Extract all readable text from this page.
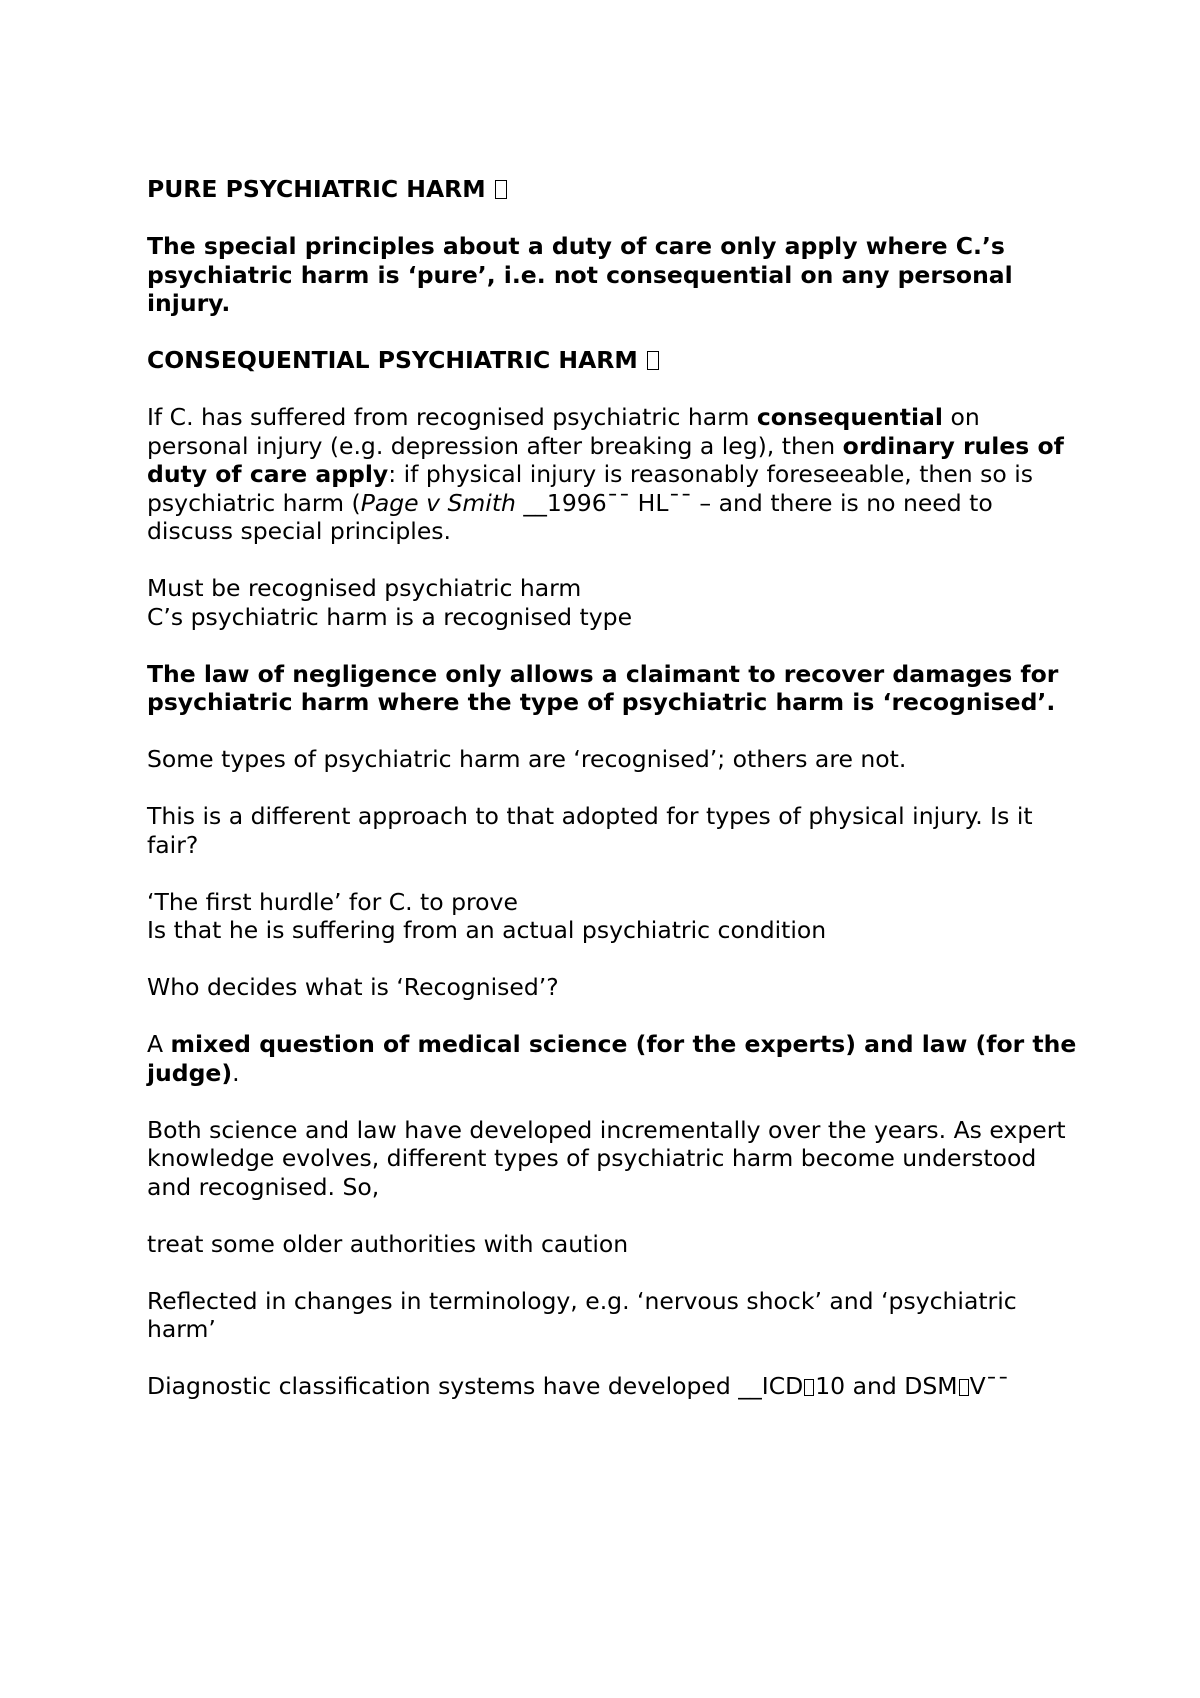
PURE PSYCHIATRIC HARM

The special principles about a duty of care only apply where C.’s psychiatric harm is ‘pure’, i.e. not consequential on any personal injury.

CONSEQUENTIAL PSYCHIATRIC HARM

If C. has suffered from recognised psychiatric harm consequential on personal injury (e.g. depression after breaking a leg), then ordinary rules of duty of care apply: if physical injury is reasonably foreseeable, then so is psychiatric harm (Page v Smith __1996¯¯ HL¯¯ – and there is no need to discuss special principles.

Must be recognised psychiatric harm

C’s psychiatric harm is a recognised type

The law of negligence only allows a claimant to recover damages for psychiatric harm where the type of psychiatric harm is ‘recognised’.

Some types of psychiatric harm are ‘recognised’; others are not.

This is a different approach to that adopted for types of physical injury. Is it fair?

‘The first hurdle’ for C. to prove

Is that he is suffering from an actual psychiatric condition

Who decides what is ‘Recognised’?

A mixed question of medical science (for the experts) and law (for the judge).

Both science and law have developed incrementally over the years. As expert knowledge evolves, different types of psychiatric harm become understood and recognised. So,

treat some older authorities with caution

Reflected in changes in terminology, e.g. ‘nervous shock’ and ‘psychiatric harm’

Diagnostic classification systems have developed __ICD 10 and DSM V¯¯
